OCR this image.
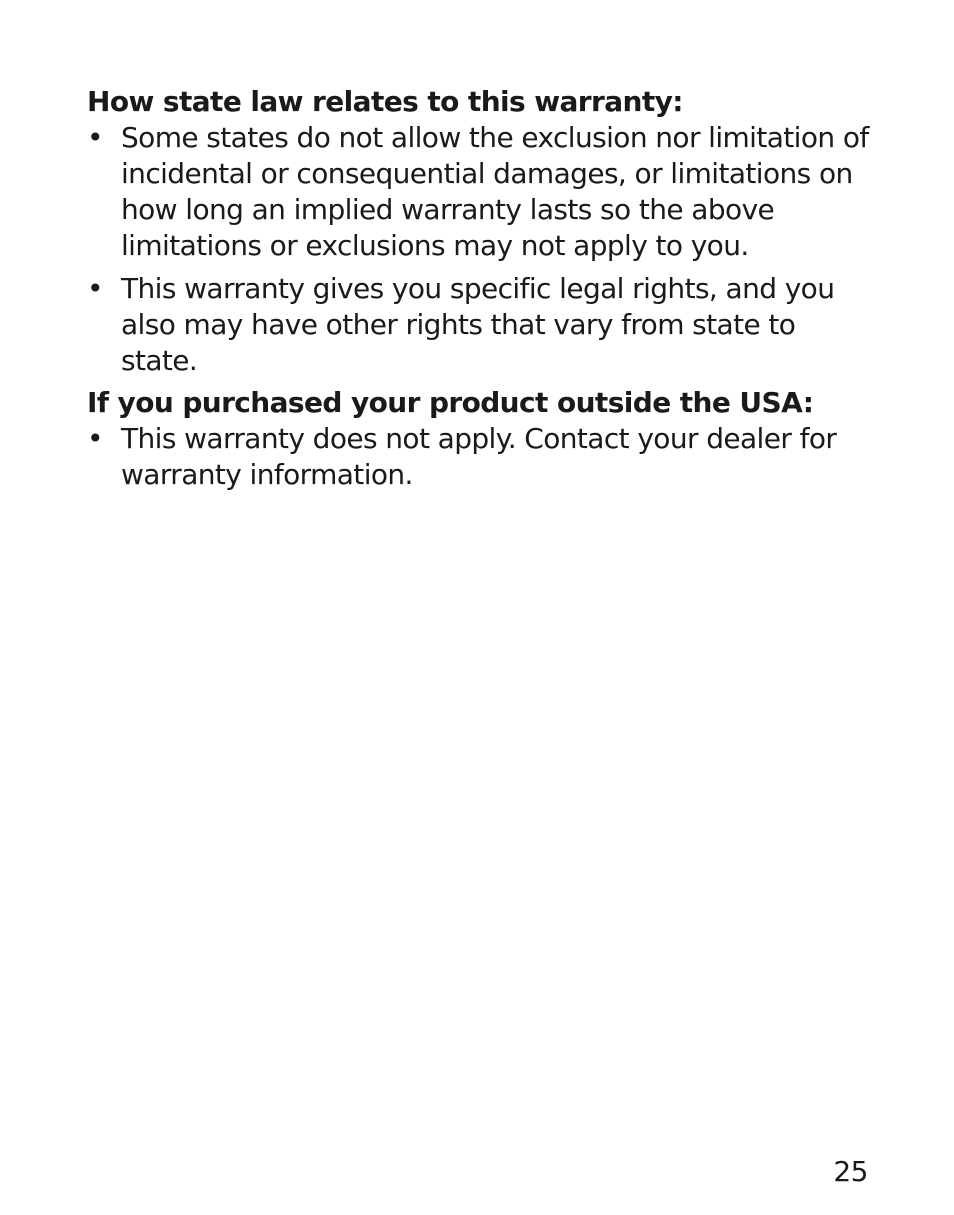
How state law relates to this warranty:
• Some states do not allow the exclusion nor limitation of incidental or consequential damages, or limitations on how long an implied warranty lasts so the above limitations or exclusions may not apply to you.
• This warranty gives you specific legal rights, and you also may have other rights that vary from state to state.
If you purchased your product outside the USA:
• This warranty does not apply. Contact your dealer for warranty information.
25
